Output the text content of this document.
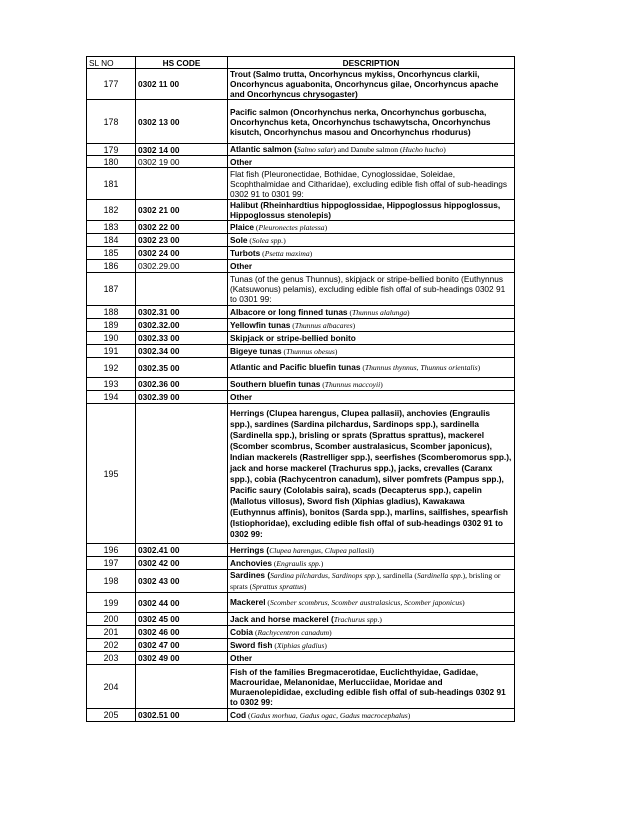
SL NO	HS CODE	DESCRIPTION
177	0302 11 00	Trout (Salmo trutta, Oncorhyncus mykiss, Oncorhyncus clarkii, Oncorhyncus aguabonita, Oncorhyncus gilae, Oncorhyncus apache and Oncorhyncus chrysogaster)
178	0302 13 00	Pacific salmon (Oncorhynchus nerka, Oncorhynchus gorbuscha, Oncorhynchus keta, Oncorhynchus tschawytscha, Oncorhynchus kisutch, Oncorhynchus masou and Oncorhynchus rhodurus)
179	0302 14 00	Atlantic salmon (Salmo salar) and Danube salmon (Hucho hucho)
180	0302 19 00	Other
181		Flat fish (Pleuronectidae, Bothidae, Cynoglossidae, Soleidae, Scophthalmidae and Citharidae), excluding edible fish offal of sub-headings 0302 91 to 0301 99:
182	0302 21 00	Halibut (Rheinhardtius hippoglossidae, Hippoglossus hippoglossus, Hippoglossus stenolepis)
183	0302 22 00	Plaice (Pleuronectes platessa)
184	0302 23 00	Sole (Solea spp.)
185	0302 24 00	Turbots (Psetta maxima)
186	0302.29.00	Other
187		Tunas (of the genus Thunnus), skipjack or stripe-bellied bonito (Euthynnus (Katsuwonus) pelamis), excluding edible fish offal of sub-headings 0302 91 to 0301 99:
188	0302.31 00	Albacore or long finned tunas (Thunnus alalunga)
189	0302.32.00	Yellowfin tunas (Thunnus albacares)
190	0302.33 00	Skipjack or stripe-bellied bonito
191	0302.34 00	Bigeye tunas (Thunnus obesus)
192	0302.35 00	Atlantic and Pacific bluefin tunas (Thunnus thynnus, Thunnus orientalis)
193	0302.36 00	Southern bluefin tunas (Thunnus maccoyii)
194	0302.39 00	Other
195		Herrings (Clupea harengus, Clupea pallasii), anchovies (Engraulis spp.), sardines (Sardina pilchardus, Sardinops spp.), sardinella (Sardinella spp.), brisling or sprats (Sprattus sprattus), mackerel (Scomber scombrus, Scomber australasicus, Scomber japonicus), Indian mackerels (Rastrelliger spp.), seerfishes (Scomberomorus spp.), jack and horse mackerel (Trachurus spp.), jacks, crevalles (Caranx spp.), cobia (Rachycentron canadum), silver pomfrets (Pampus spp.), Pacific saury (Cololabis saira), scads (Decapterus spp.), capelin (Mallotus villosus), Sword fish (Xiphias gladius), Kawakawa (Euthynnus affinis), bonitos (Sarda spp.), marlins, sailfishes, spearfish (Istiophoridae), excluding edible fish offal of sub-headings 0302 91 to 0302 99:
196	0302.41 00	Herrings (Clupea harengus, Clupea pallasii)
197	0302 42 00	Anchovies (Engraulis spp.)
198	0302 43 00	Sardines (Sardina pilchardus, Sardinops spp.), sardinella (Sardinella spp.), brisling or sprats (Sprattus sprattus)
199	0302 44 00	Mackerel (Scomber scombrus, Scomber australasicus, Scomber japonicus)
200	0302 45 00	Jack and horse mackerel (Trachurus spp.)
201	0302 46 00	Cobia (Rachycentron canadum)
202	0302 47 00	Sword fish (Xiphias gladius)
203	0302 49 00	Other
204		Fish of the families Bregmacerotidae, Euclichthyidae, Gadidae, Macrouridae, Melanonidae, Merlucciidae, Moridae and Muraenolepididae, excluding edible fish offal of sub-headings 0302 91 to 0302 99:
205	0302.51 00	Cod (Gadus morhua, Gadus ogac, Gadus macrocephalus)
